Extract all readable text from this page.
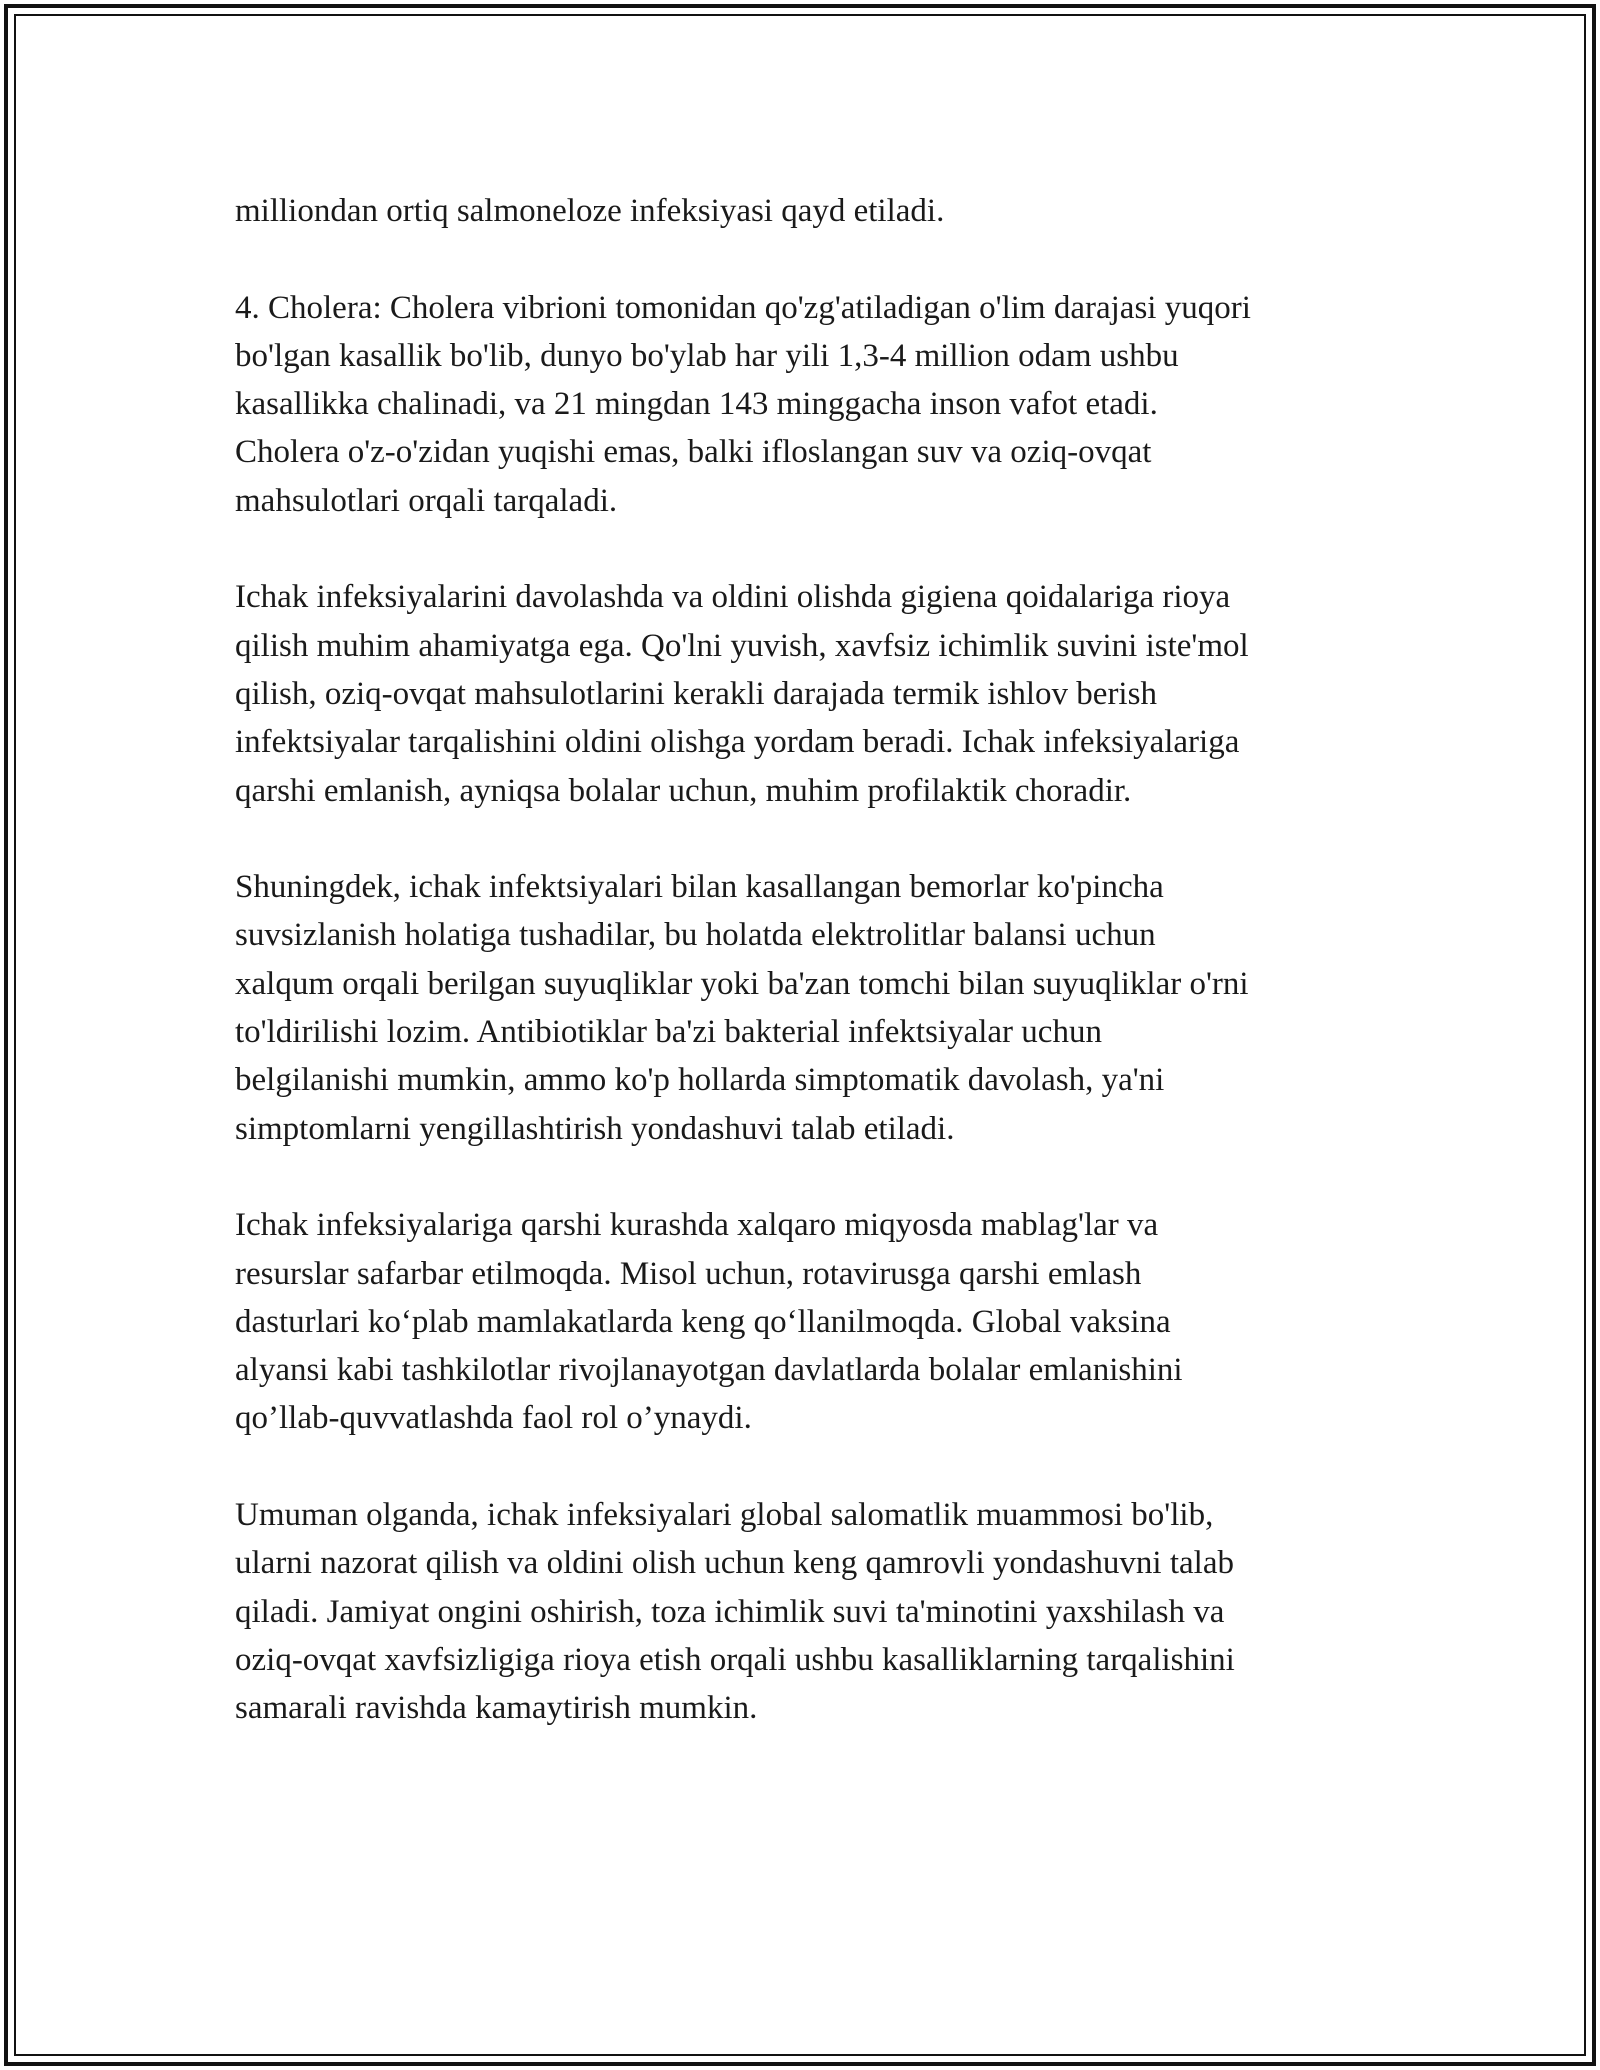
milliondan ortiq salmoneloze infeksiyasi qayd etiladi.

4. Cholera: Cholera vibrioni tomonidan qo'zg'atiladigan o'lim darajasi yuqori
bo'lgan kasallik bo'lib, dunyo bo'ylab har yili 1,3-4 million odam ushbu
kasallikka chalinadi, va 21 mingdan 143 minggacha inson vafot etadi.
Cholera o'z-o'zidan yuqishi emas, balki ifloslangan suv va oziq-ovqat
mahsulotlari orqali tarqaladi.

Ichak infeksiyalarini davolashda va oldini olishda gigiena qoidalariga rioya
qilish muhim ahamiyatga ega. Qo'lni yuvish, xavfsiz ichimlik suvini iste'mol
qilish, oziq-ovqat mahsulotlarini kerakli darajada termik ishlov berish
infektsiyalar tarqalishini oldini olishga yordam beradi. Ichak infeksiyalariga
qarshi emlanish, ayniqsa bolalar uchun, muhim profilaktik choradir.

Shuningdek, ichak infektsiyalari bilan kasallangan bemorlar ko'pincha
suvsizlanish holatiga tushadilar, bu holatda elektrolitlar balansi uchun
xalqum orqali berilgan suyuqliklar yoki ba'zan tomchi bilan suyuqliklar o'rni
to'ldirilishi lozim. Antibiotiklar ba'zi bakterial infektsiyalar uchun
belgilanishi mumkin, ammo ko'p hollarda simptomatik davolash, ya'ni
simptomlarni yengillashtirish yondashuvi talab etiladi.

Ichak infeksiyalariga qarshi kurashda xalqaro miqyosda mablag'lar va
resurslar safarbar etilmoqda. Misol uchun, rotavirusga qarshi emlash
dasturlari ko‘plab mamlakatlarda keng qo‘llanilmoqda. Global vaksina
alyansi kabi tashkilotlar rivojlanayotgan davlatlarda bolalar emlanishini
qo’llab-quvvatlashda faol rol o’ynaydi.

Umuman olganda, ichak infeksiyalari global salomatlik muammosi bo'lib,
ularni nazorat qilish va oldini olish uchun keng qamrovli yondashuvni talab
qiladi. Jamiyat ongini oshirish, toza ichimlik suvi ta'minotini yaxshilash va
oziq-ovqat xavfsizligiga rioya etish orqali ushbu kasalliklarning tarqalishini
samarali ravishda kamaytirish mumkin.
